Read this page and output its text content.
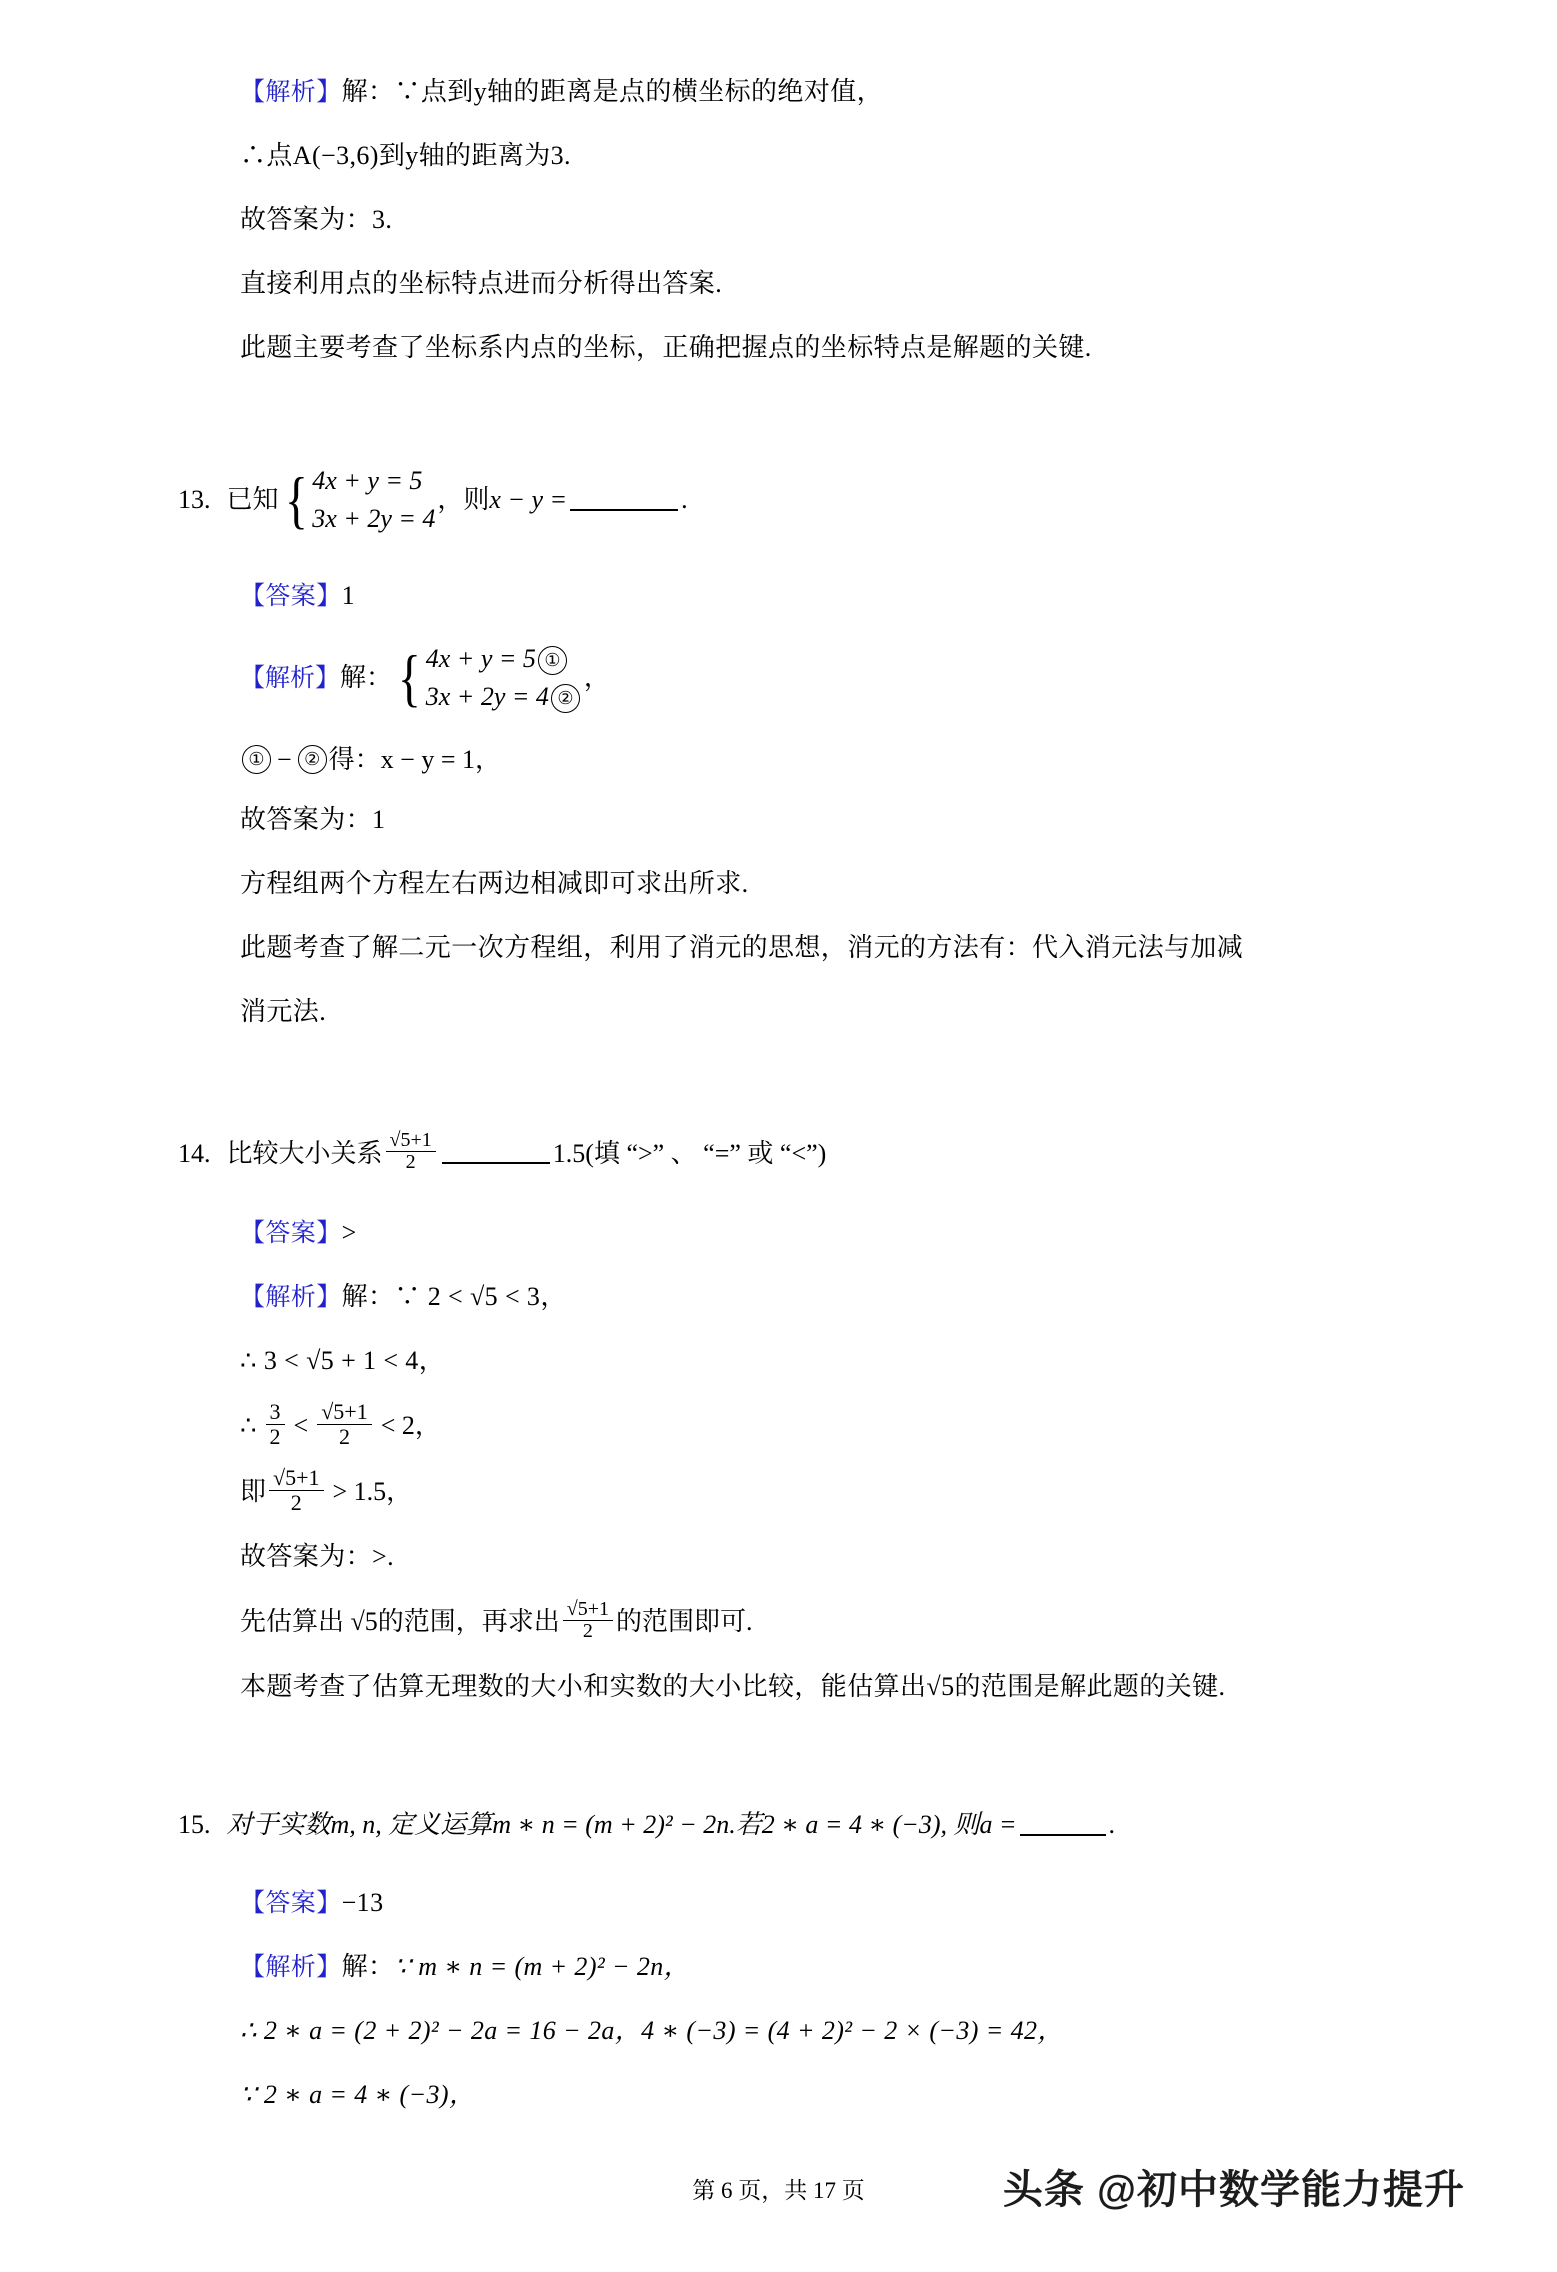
【解析】解：∵点到y轴的距离是点的横坐标的绝对值，
∴点A(−3,6)到y轴的距离为3.
故答案为：3.
直接利用点的坐标特点进而分析得出答案.
此题主要考查了坐标系内点的坐标，正确把握点的坐标特点是解题的关键.
13. 已知 { 4x + y = 5
3x + 2y = 4
，则 x − y =	.
【答案】1
【解析】 解： { 4x + y = 5 ①
3x + 2y = 4 ②
，
① − ② 得：x − y = 1，
故答案为：1
方程组两个方程左右两边相减即可求出所求.
此题考查了解二元一次方程组，利用了消元的思想，消元的方法有：代入消元法与加减
消元法.
14. 比较大小关系 $\frac{√5+1}{2}$	1.5(填 “>” 、 “=” 或 “<”)
【答案】>
【解析】解：∵ 2 < √5 < 3，
∴ 3 < √5 + 1 < 4，
∴ $\frac{3}{2} < \frac{√5+1}{2} < 2$，
即 $\frac{√5+1}{2} > 1.5$，
故答案为：>.
先估算出 √5的范围，再求出 $\frac{√5+1}{2}$ 的范围即可.
本题考查了估算无理数的大小和实数的大小比较，能估算出√5的范围是解此题的关键.
15. 对于实数m, n, 定义运算m ∗ n = (m + 2)² − 2n.若2 ∗ a = 4 ∗ (−3), 则a =	.
【答案】−13
【解析】解：∵ m ∗ n = (m + 2)² − 2n，
∴ 2 ∗ a = (2 + 2)² − 2a = 16 − 2a，4 ∗ (−3) = (4 + 2)² − 2 × (−3) = 42，
∵ 2 ∗ a = 4 ∗ (−3)，
第 6 页，共 17 页	头条 @初中数学能力提升
